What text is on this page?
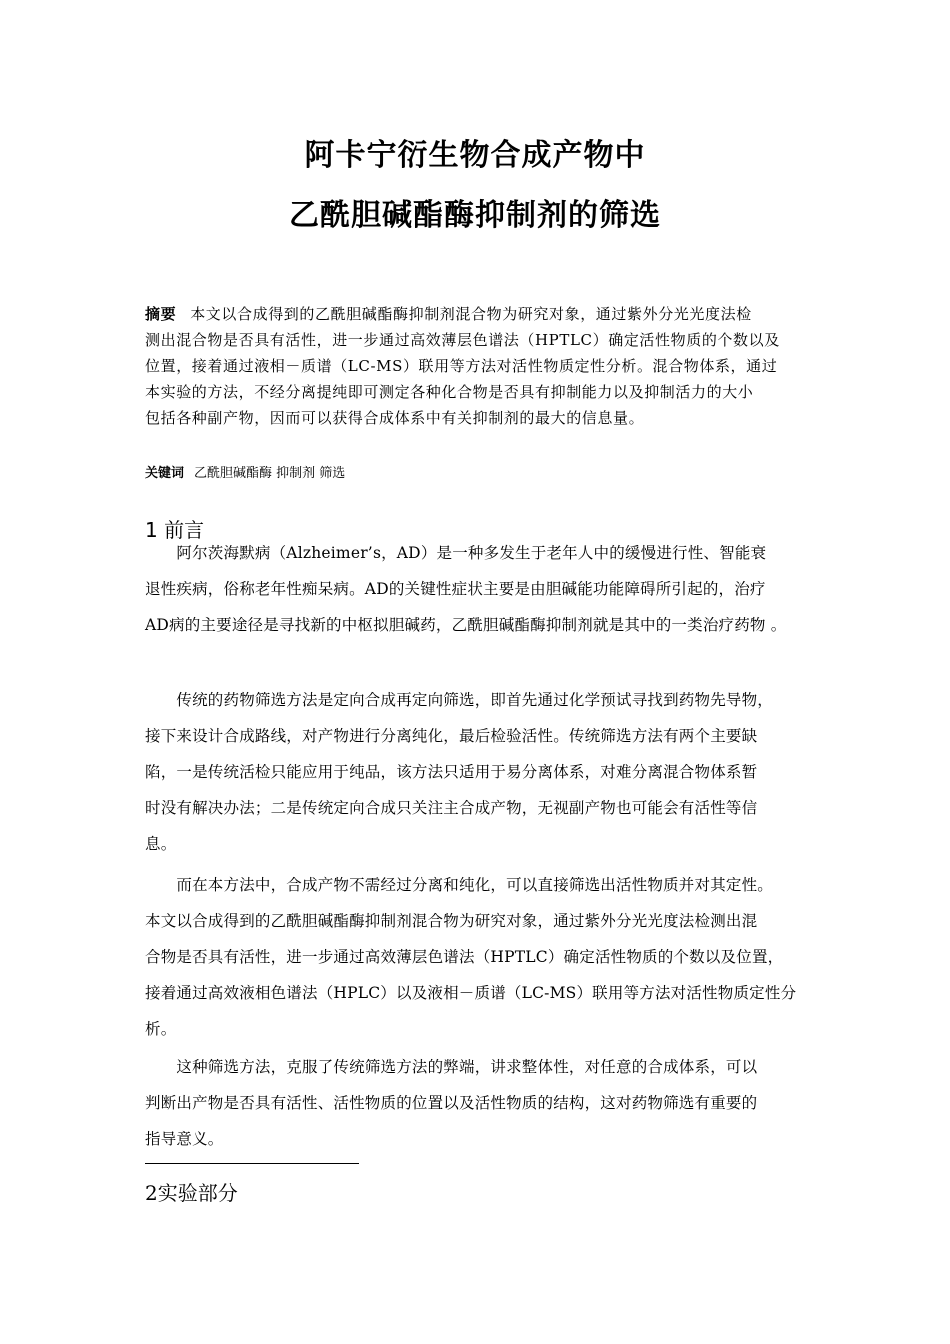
阿卡宁衍生物合成产物中
乙酰胆碱酯酶抑制剂的筛选
摘要 本文以合成得到的乙酰胆碱酯酶抑制剂混合物为研究对象，通过紫外分光光度法检
测出混合物是否具有活性，进一步通过高效薄层色谱法（HPTLC）确定活性物质的个数以及
位置，接着通过液相－质谱（LC-MS）联用等方法对活性物质定性分析。混合物体系，通过
本实验的方法，不经分离提纯即可测定各种化合物是否具有抑制能力以及抑制活力的大小
包括各种副产物，因而可以获得合成体系中有关抑制剂的最大的信息量。
关键词 乙酰胆碱酯酶 抑制剂 筛选
1 前言
　　阿尔茨海默病（Alzheimer’s，AD）是一种多发生于老年人中的缓慢进行性、智能衰
退性疾病，俗称老年性痴呆病。AD的关键性症状主要是由胆碱能功能障碍所引起的，治疗
AD病的主要途径是寻找新的中枢拟胆碱药，乙酰胆碱酯酶抑制剂就是其中的一类治疗药物 。
　　传统的药物筛选方法是定向合成再定向筛选，即首先通过化学预试寻找到药物先导物，
接下来设计合成路线，对产物进行分离纯化，最后检验活性。传统筛选方法有两个主要缺
陷，一是传统活检只能应用于纯品，该方法只适用于易分离体系，对难分离混合物体系暂
时没有解决办法；二是传统定向合成只关注主合成产物，无视副产物也可能会有活性等信
息。
　　而在本方法中，合成产物不需经过分离和纯化，可以直接筛选出活性物质并对其定性。
本文以合成得到的乙酰胆碱酯酶抑制剂混合物为研究对象，通过紫外分光光度法检测出混
合物是否具有活性，进一步通过高效薄层色谱法（HPTLC）确定活性物质的个数以及位置，
接着通过高效液相色谱法（HPLC）以及液相－质谱（LC-MS）联用等方法对活性物质定性分
析。
　　这种筛选方法，克服了传统筛选方法的弊端，讲求整体性，对任意的合成体系，可以
判断出产物是否具有活性、活性物质的位置以及活性物质的结构，这对药物筛选有重要的
指导意义。
2实验部分
